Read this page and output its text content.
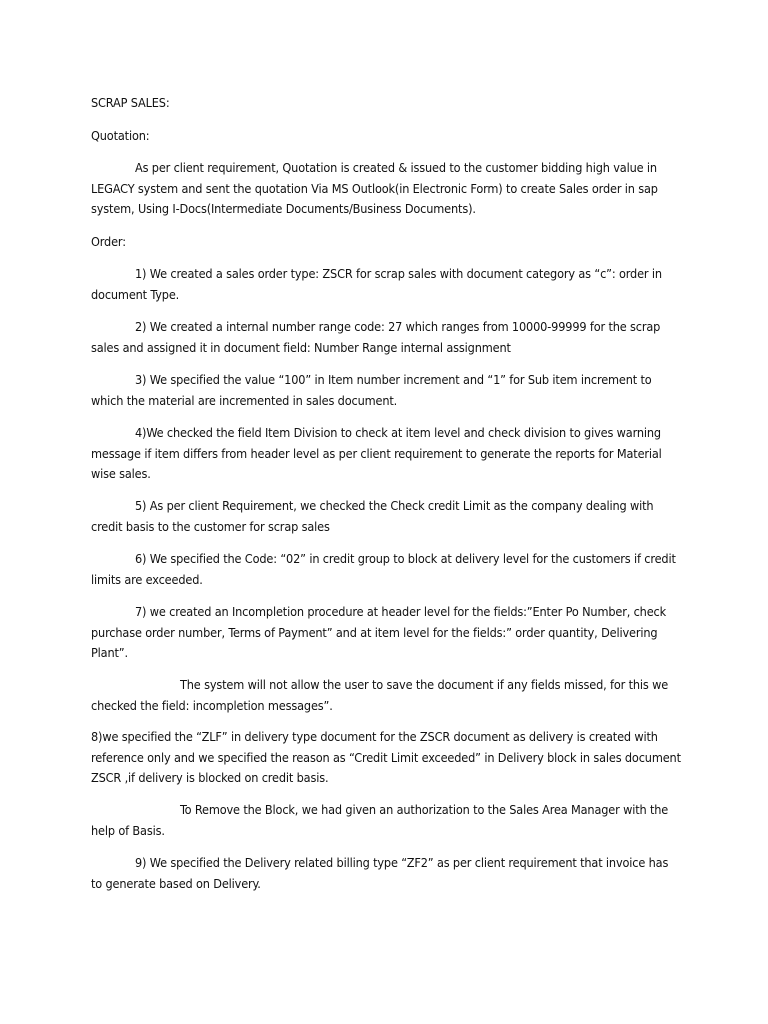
SCRAP SALES:

Quotation:

As per client requirement, Quotation is created & issued to the customer bidding high value in LEGACY system and sent the quotation Via MS Outlook(in Electronic Form) to create Sales order in sap system, Using I-Docs(Intermediate Documents/Business Documents).

Order:

1) We created a sales order type: ZSCR for scrap sales with document category as “c”: order in document Type.

2) We created a internal number range code: 27 which ranges from 10000-99999 for the scrap sales and assigned it in document field: Number Range internal assignment

3) We specified the value “100” in Item number increment and “1” for Sub item increment to which the material are incremented in sales document.

4)We checked the field Item Division to check at item level and check division to gives warning message if item differs from header level as per client requirement to generate the reports for Material wise sales.

5) As per client Requirement, we checked the Check credit Limit as the company dealing with credit basis to the customer for scrap sales

6) We specified the Code: “02” in credit group to block at delivery level for the customers if credit limits are exceeded.

7) we created an Incompletion procedure at header level for the fields:”Enter Po Number, check purchase order number, Terms of Payment” and at item level for the fields:” order quantity, Delivering Plant”.

The system will not allow the user to save the document if any fields missed, for this we checked the field: incompletion messages”.

8)we specified the “ZLF” in delivery type document for the ZSCR document as delivery is created with reference only and we specified the reason as “Credit Limit exceeded” in Delivery block in sales document ZSCR ,if delivery is blocked on credit basis.

To Remove the Block, we had given an authorization to the Sales Area Manager with the help of Basis.

9) We specified the Delivery related billing type “ZF2” as per client requirement that invoice has to generate based on Delivery.
